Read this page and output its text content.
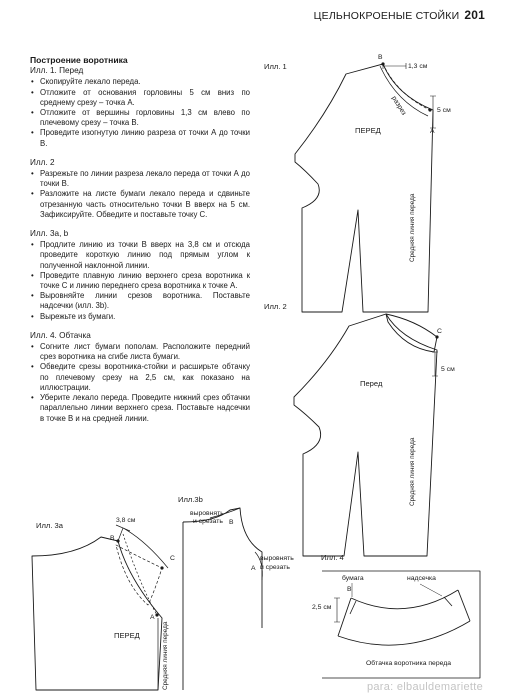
ЦЕЛЬНОКРОЕНЫЕ СТОЙКИ 201
Построение воротника
Илл. 1. Перед
• Скопируйте лекало переда.
• Отложите от основания горловины 5 см вниз по среднему срезу – точка А.
• Отложите от вершины горловины 1,3 см влево по плечевому срезу – точка В.
• Проведите изогнутую линию разреза от точки А до точки В.
Илл. 2
• Разрежьте по линии разреза лекало переда от точки А до точки В.
• Разложите на листе бумаги лекало переда и сдвиньте отрезанную часть относительно точки В вверх на 5 см. Зафиксируйте. Обведите и поставьте точку С.
Илл. 3a, b
• Продлите линию из точки В вверх на 3,8 см и отсюда проведите короткую линию под прямым углом к полученной наклонной линии.
• Проведите плавную линию верхнего среза воротника к точке С и линию переднего среза воротника к точке А.
• Выровняйте линии срезов воротника. Поставьте надсечки (илл. 3b).
• Вырежьте из бумаги.
Илл. 4. Обтачка
• Согните лист бумаги пополам. Расположите передний срез воротника на сгибе листа бумаги.
• Обведите срезы воротника-стойки и расширьте обтачку по плечевому срезу на 2,5 см, как показано на иллюстрации.
• Уберите лекало переда. Проведите нижний срез обтачки параллельно линии верхнего среза. Поставьте надсечки в точке В и на средней линии.
Илл. 1
B
1,3 см
5 см
A
разрез
ПЕРЕД
Средняя линия переда
Илл. 2
C
5 см
Перед
Средняя линия переда
Илл. 3a
3,8 см
B
C
A
ПЕРЕД	Средняя линия переда
Илл.3b
выровнять
и срезать B
A
выровнять
и срезать
Илл. 4
бумага	надсечка
B
2,5 см
Обтачка воротника переда
para: elbauldemariette
